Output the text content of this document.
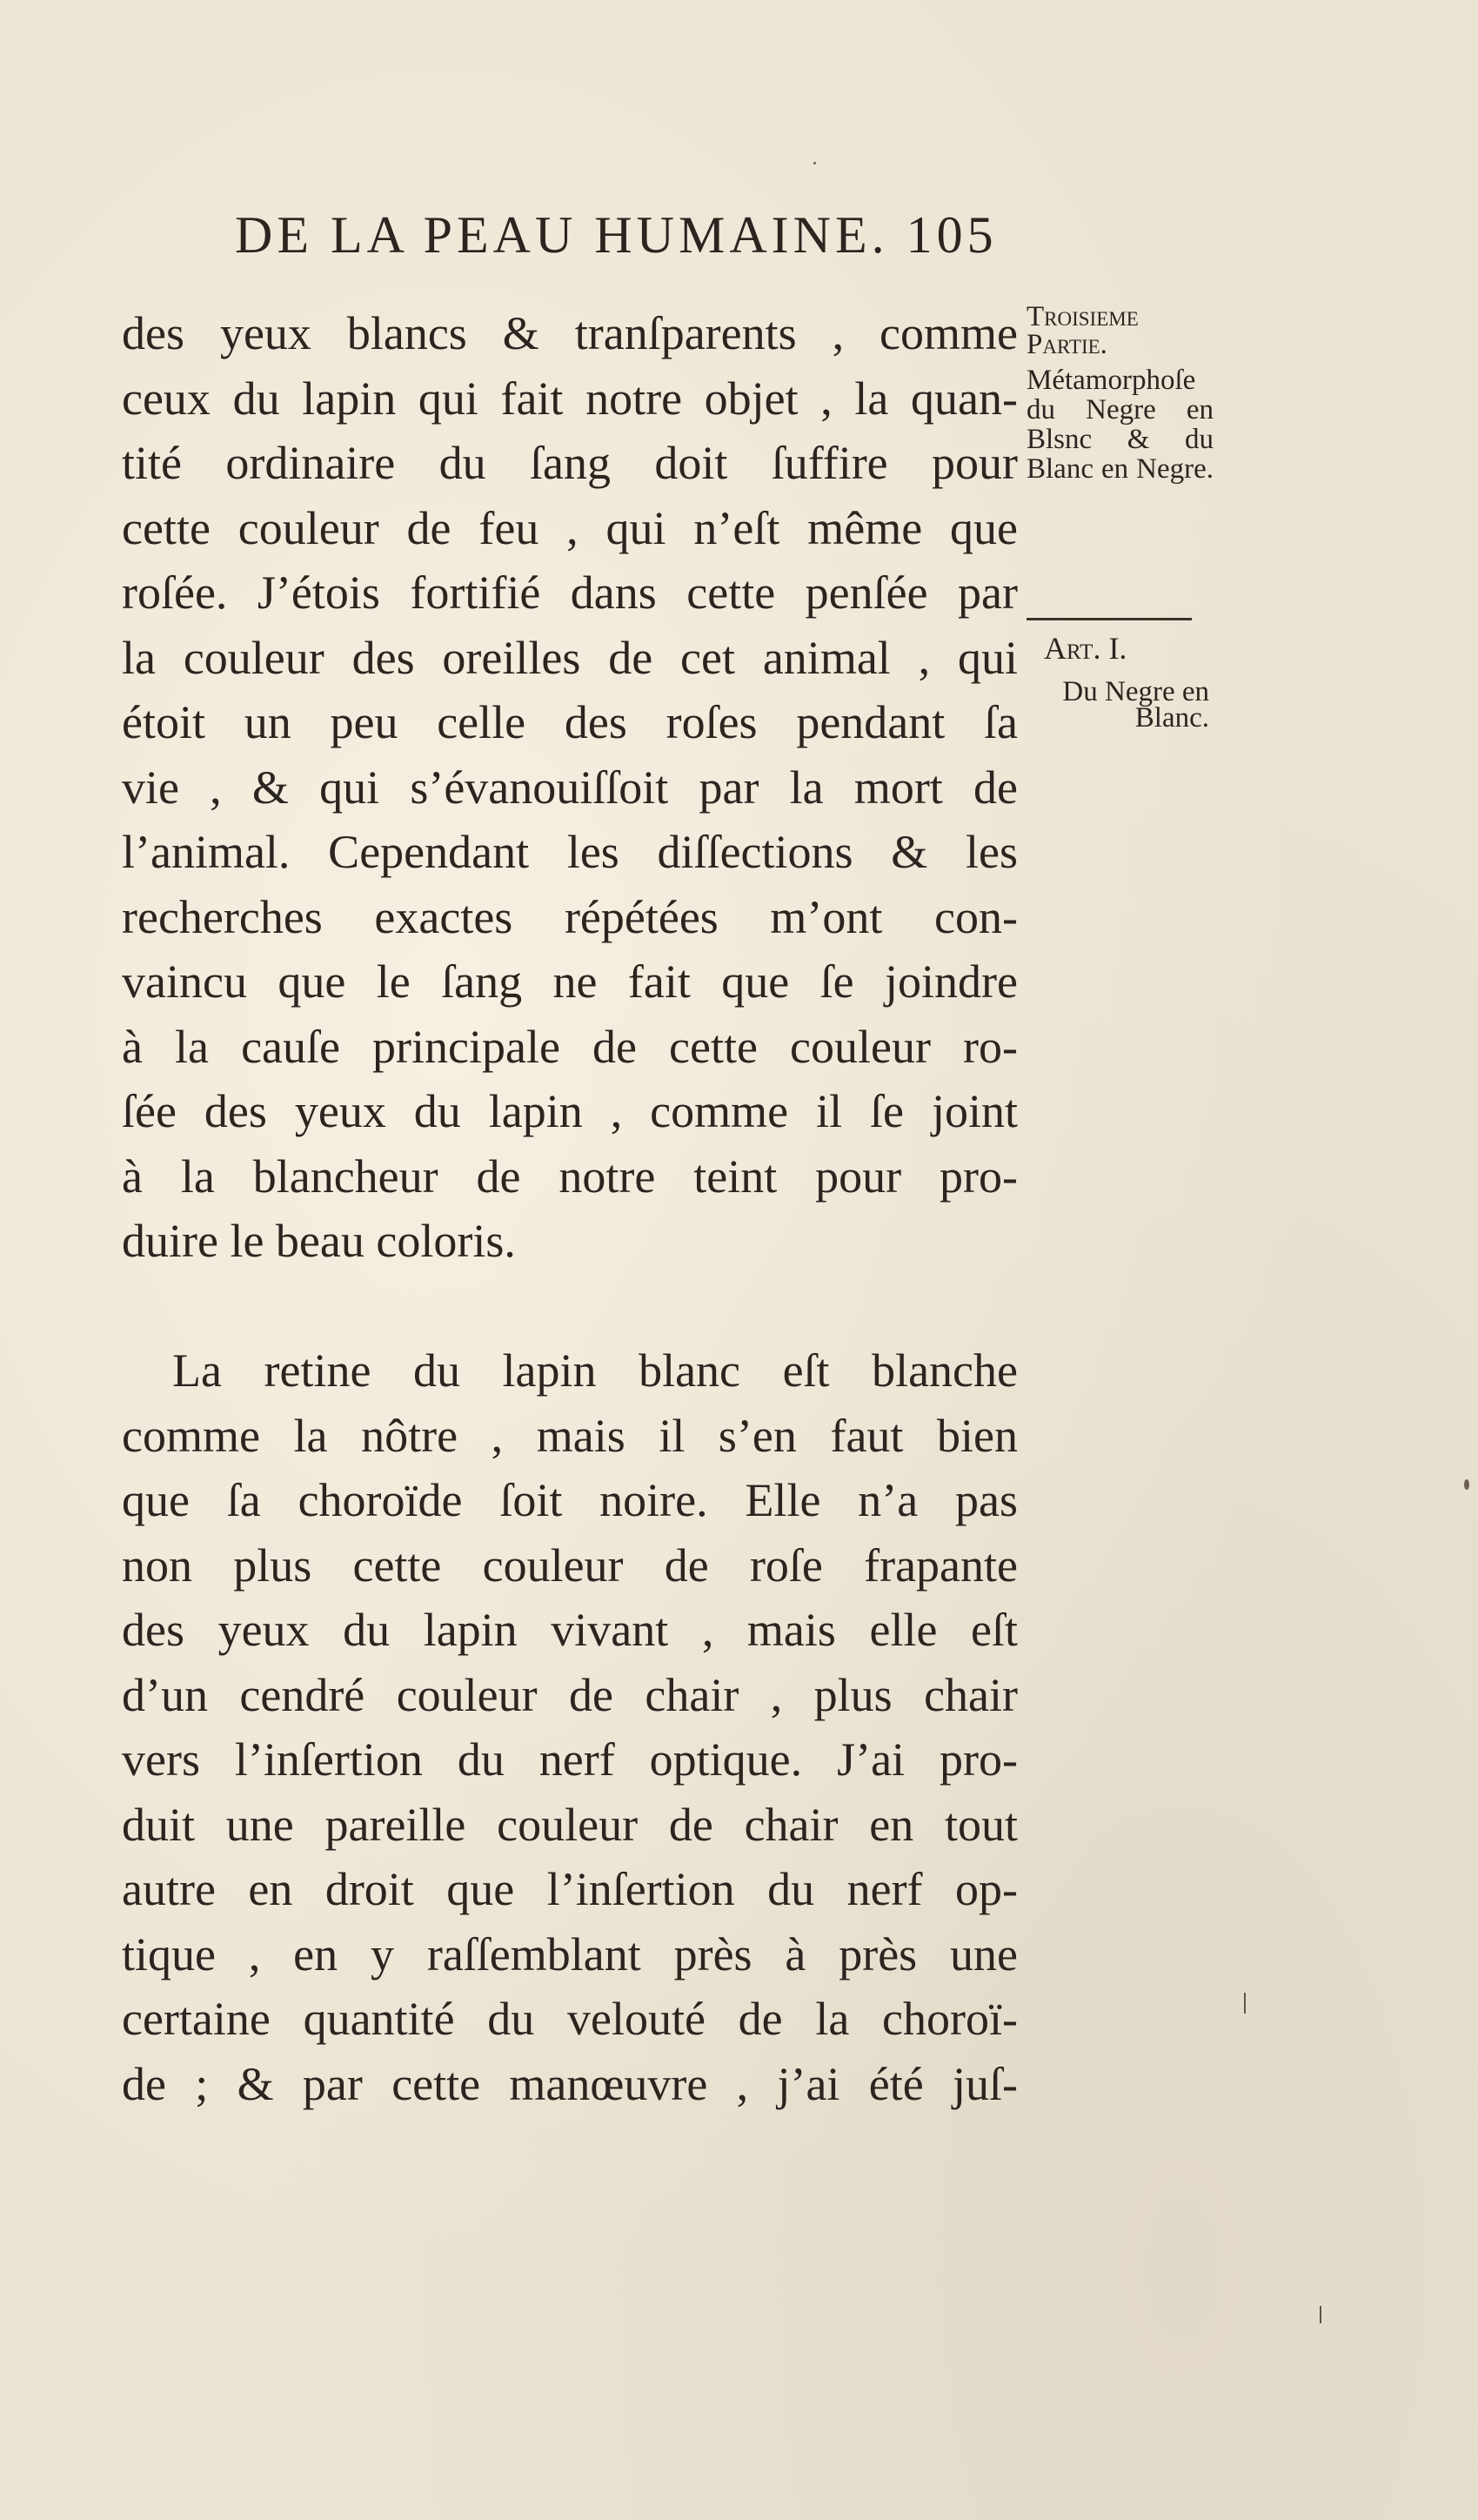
DE LA PEAU HUMAINE. 105
des yeux blancs & tranſparents , comme
ceux du lapin qui fait notre objet , la quan-
tité ordinaire du ſang doit ſuffire pour
cette couleur de feu , qui n’eſt même que
roſée. J’étois fortifié dans cette penſée par
la couleur des oreilles de cet animal , qui
étoit un peu celle des roſes pendant ſa
vie , & qui s’évanouiſſoit par la mort de
l’animal. Cependant les diſſections & les
recherches exactes répétées m’ont con-
vaincu que le ſang ne fait que ſe joindre
à la cauſe principale de cette couleur ro-
ſée des yeux du lapin , comme il ſe joint
à la blancheur de notre teint pour pro-
duire le beau coloris.
La retine du lapin blanc eſt blanche
comme la nôtre , mais il s’en faut bien
que ſa choroïde ſoit noire. Elle n’a pas
non plus cette couleur de roſe frapante
des yeux du lapin vivant , mais elle eſt
d’un cendré couleur de chair , plus chair
vers l’inſertion du nerf optique. J’ai pro-
duit une pareille couleur de chair en tout
autre en droit que l’inſertion du nerf op-
tique , en y raſſemblant près à près une
certaine quantité du velouté de la choroï-
de ; & par cette manœuvre , j’ai été juſ-
Troisieme Partie.
Métamorphoſe du Negre en Blsnc & du Blanc en Negre.
Art. I.
Du Negre en Blanc.
